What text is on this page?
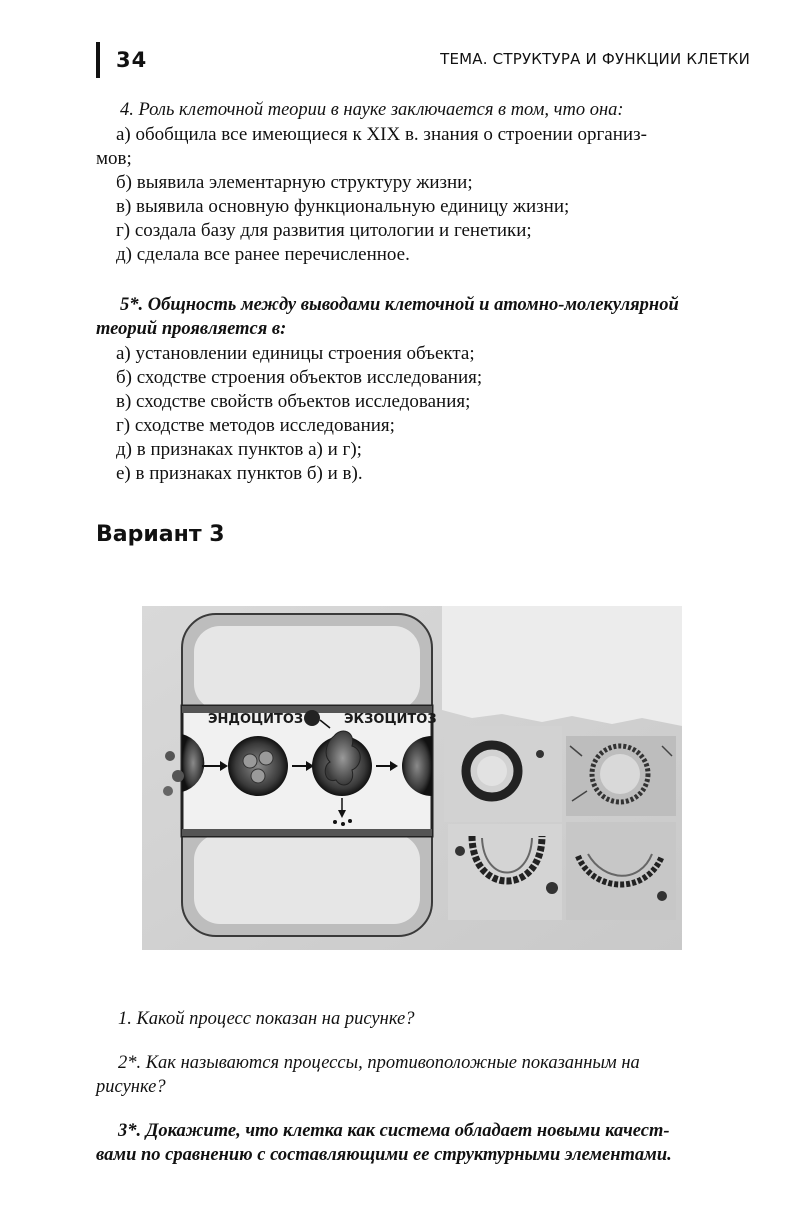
34	ТЕМА. СТРУКТУРА И ФУНКЦИИ КЛЕТКИ
4. Роль клеточной теории в науке заключается в том, что она:
а) обобщила все имеющиеся к XIX в. знания о строении организ-
мов;
б) выявила элементарную структуру жизни;
в) выявила основную функциональную единицу жизни;
г) создала базу для развития цитологии и генетики;
д) сделала все ранее перечисленное.
5*. Общность между выводами клеточной и атомно-молекулярной
теорий проявляется в:
а) установлении единицы строения объекта;
б) сходстве строения объектов исследования;
в) сходстве свойств объектов исследования;
г) сходстве методов исследования;
д) в признаках пунктов а) и г);
е) в признаках пунктов б) и в).
Вариант 3
ЭНДОЦИТОЗ	ЭКЗОЦИТОЗ
1. Какой процесс показан на рисунке?
2*. Как называются процессы, противоположные показанным на
рисунке?
3*. Докажите, что клетка как система обладает новыми качест-
вами по сравнению с составляющими ее структурными элементами.
